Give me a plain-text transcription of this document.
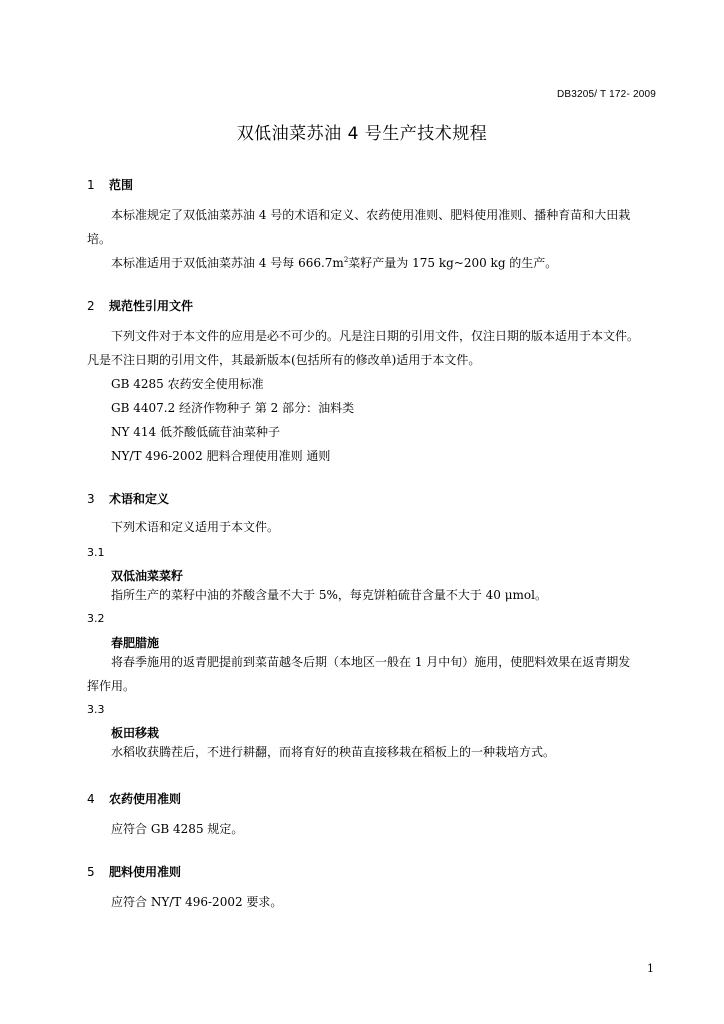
DB3205/ T 172- 2009
双低油菜苏油 4 号生产技术规程
1 范围
本标准规定了双低油菜苏油 4 号的术语和定义、农药使用准则、肥料使用准则、播种育苗和大田栽
培。
本标准适用于双低油菜苏油 4 号每 $666.7m^2$菜籽产量为 175 kg~200 kg 的生产。
2 规范性引用文件
下列文件对于本文件的应用是必不可少的。凡是注日期的引用文件，仅注日期的版本适用于本文件。
凡是不注日期的引用文件，其最新版本(包括所有的修改单)适用于本文件。
GB 4285 农药安全使用标准
GB 4407.2 经济作物种子 第 2 部分：油料类
NY 414 低芥酸低硫苷油菜种子
NY/T 496-2002 肥料合理使用准则 通则
3 术语和定义
下列术语和定义适用于本文件。
3.1
双低油菜菜籽
指所生产的菜籽中油的芥酸含量不大于 5%，每克饼粕硫苷含量不大于 40 μmol。
3.2
春肥腊施
将春季施用的返青肥提前到菜苗越冬后期（本地区一般在 1 月中旬）施用，使肥料效果在返青期发
挥作用。
3.3
板田移栽
水稻收获腾茬后，不进行耕翻，而将育好的秧苗直接移栽在稻板上的一种栽培方式。
4 农药使用准则
应符合 GB 4285 规定。
5 肥料使用准则
应符合 NY/T 496-2002 要求。
1
